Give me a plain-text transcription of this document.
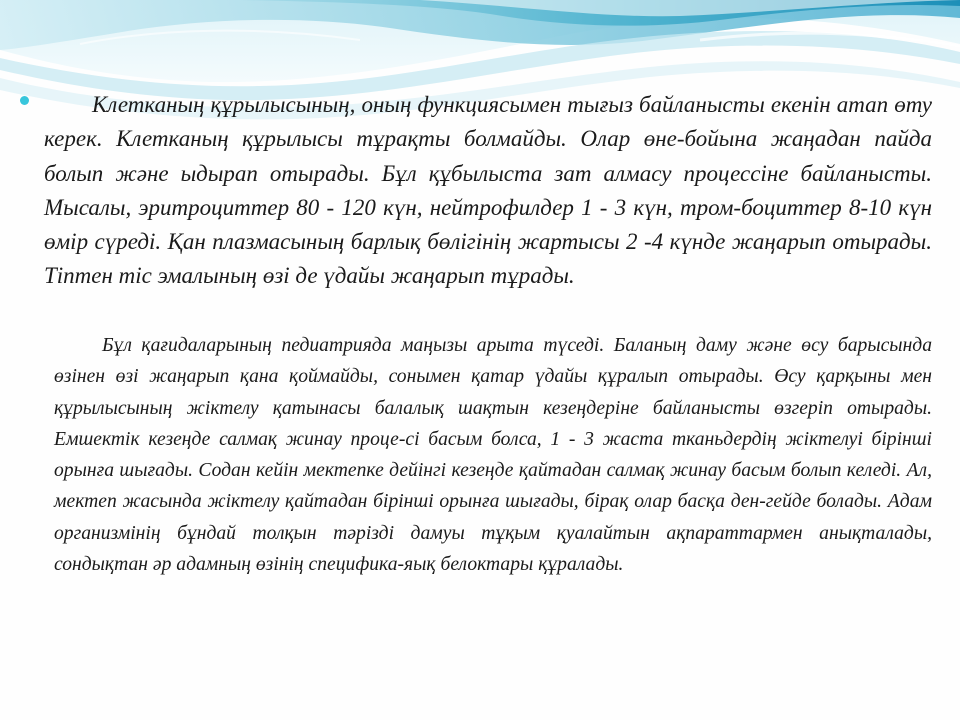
Клетканың құрылысының, оның функциясымен тығыз байланысты екенін атап өту керек. Клетканың құрылысы тұрақты болмайды. Олар өне-бойына жаңадан пайда болып және ыдырап отырады. Бұл құбылыста зат алмасу процессіне байланысты. Мысалы, эритроциттер 80 - 120 күн, нейтрофилдер 1 - 3 күн, тром-боциттер 8-10 күн өмір сүреді. Қан плазмасының барлық бөлігінің жартысы 2 -4 күнде жаңарып отырады. Тіптен тіс эмалының өзі де үдайы жаңарып тұрады.

Бұл қағидаларының педиатрияда маңызы арыта түседі. Баланың даму және өсу барысында өзінен өзі жаңарып қана қоймайды, сонымен қатар үдайы құралып отырады. Өсу қарқыны мен құрылысының жіктелу қатынасы балалық шақтын кезеңдеріне байланысты өзгеріп отырады. Емшектік кезеңде салмақ жинау проце-сі басым болса, 1 - 3 жаста тканьдердің жіктелуі бірінші орынға шығады. Содан кейін мектепке дейінгі кезеңде қайтадан салмақ жинау басым болып келеді. Ал, мектеп жасында жіктелу қайтадан бірінші орынға шығады, бірақ олар басқа ден-гейде болады. Адам организмінің бұндай толқын тәрізді дамуы тұқым қуалайтын ақпараттармен анықталады, сондықтан әр адамның өзінің специфика-яық белоктары құралады.
